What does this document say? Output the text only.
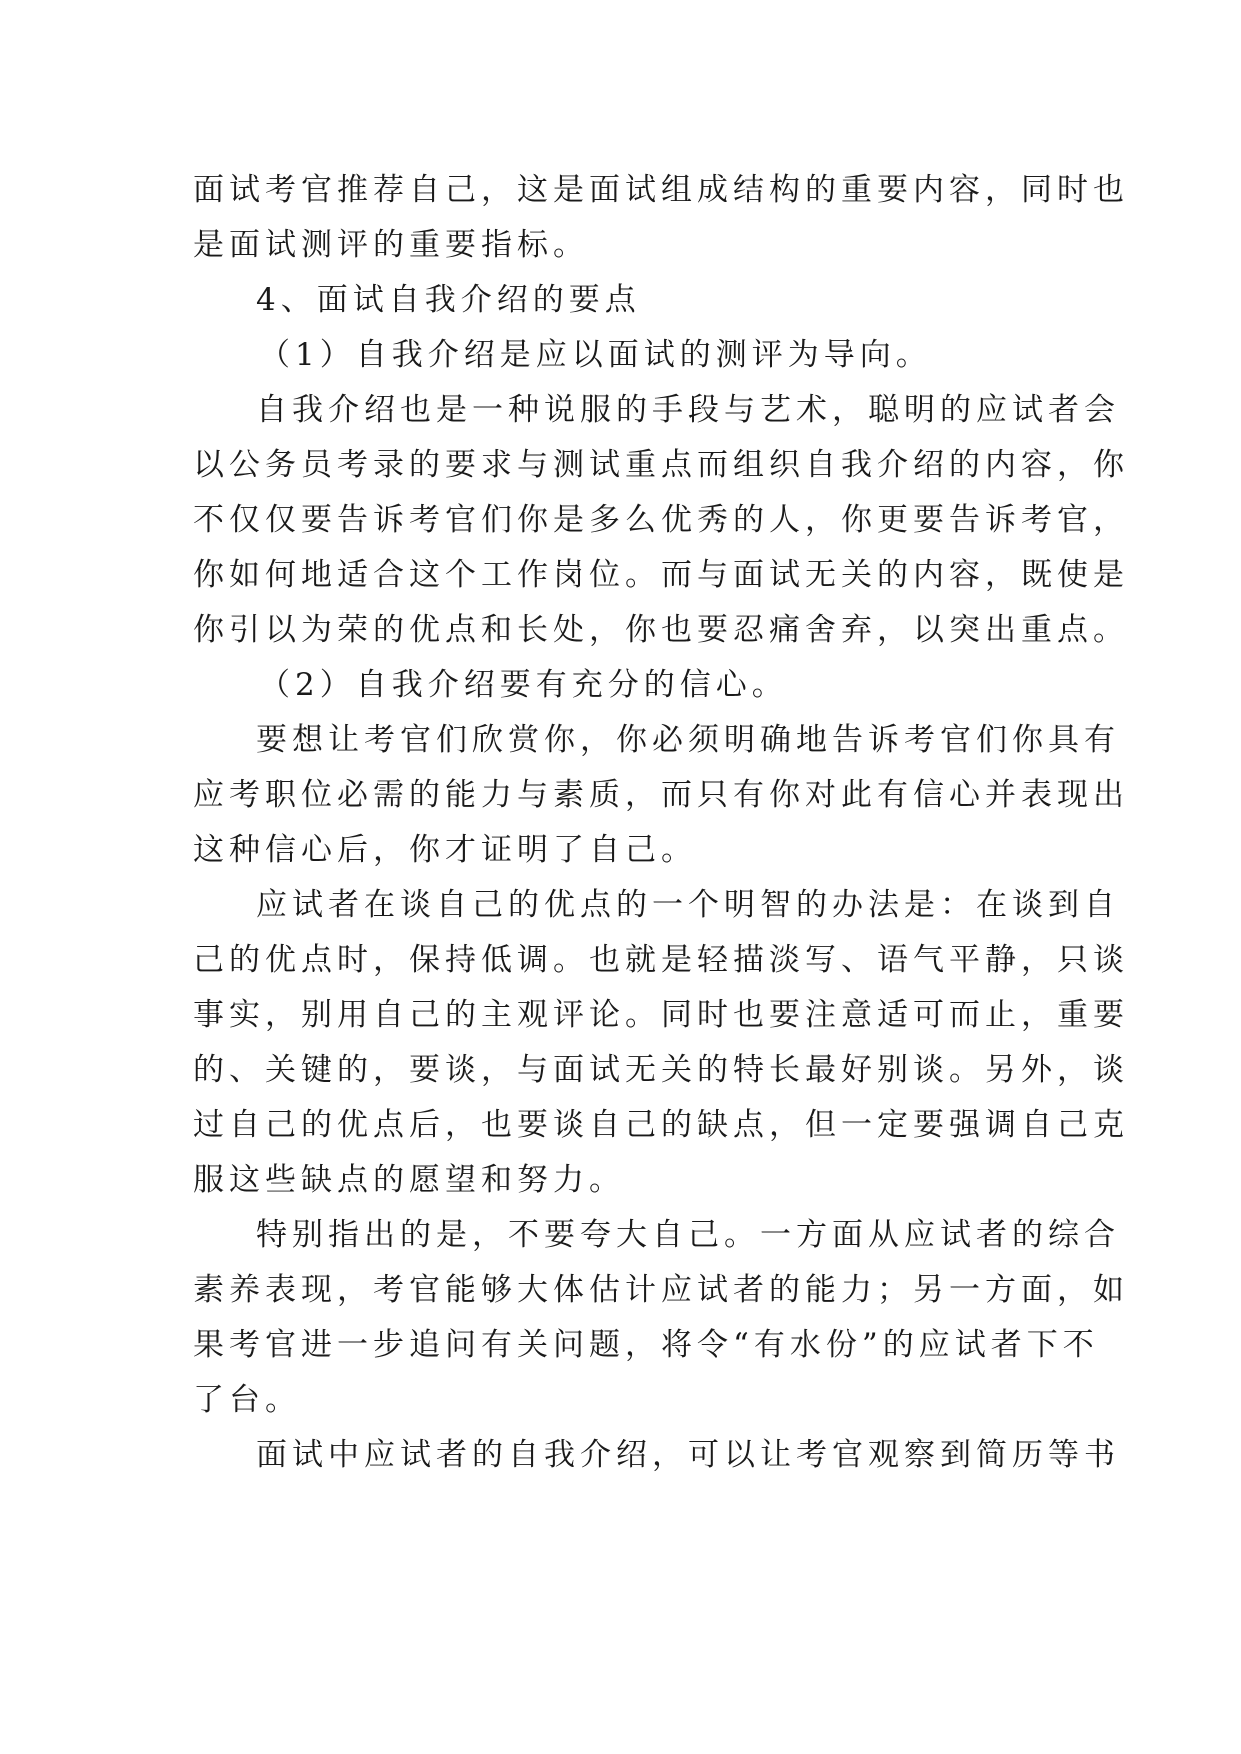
面试考官推荐自己，这是面试组成结构的重要内容，同时也
是面试测评的重要指标。
4、面试自我介绍的要点
（1）自我介绍是应以面试的测评为导向。
自我介绍也是一种说服的手段与艺术，聪明的应试者会
以公务员考录的要求与测试重点而组织自我介绍的内容，你
不仅仅要告诉考官们你是多么优秀的人，你更要告诉考官，
你如何地适合这个工作岗位。而与面试无关的内容，既使是
你引以为荣的优点和长处，你也要忍痛舍弃，以突出重点。
（2）自我介绍要有充分的信心。
要想让考官们欣赏你，你必须明确地告诉考官们你具有
应考职位必需的能力与素质，而只有你对此有信心并表现出
这种信心后，你才证明了自己。
应试者在谈自己的优点的一个明智的办法是：在谈到自
己的优点时，保持低调。也就是轻描淡写、语气平静，只谈
事实，别用自己的主观评论。同时也要注意适可而止，重要
的、关键的，要谈，与面试无关的特长最好别谈。另外，谈
过自己的优点后，也要谈自己的缺点，但一定要强调自己克
服这些缺点的愿望和努力。
特别指出的是，不要夸大自己。一方面从应试者的综合
素养表现，考官能够大体估计应试者的能力；另一方面，如
果考官进一步追问有关问题，将令“有水份”的应试者下不
了台。
面试中应试者的自我介绍，可以让考官观察到简历等书
